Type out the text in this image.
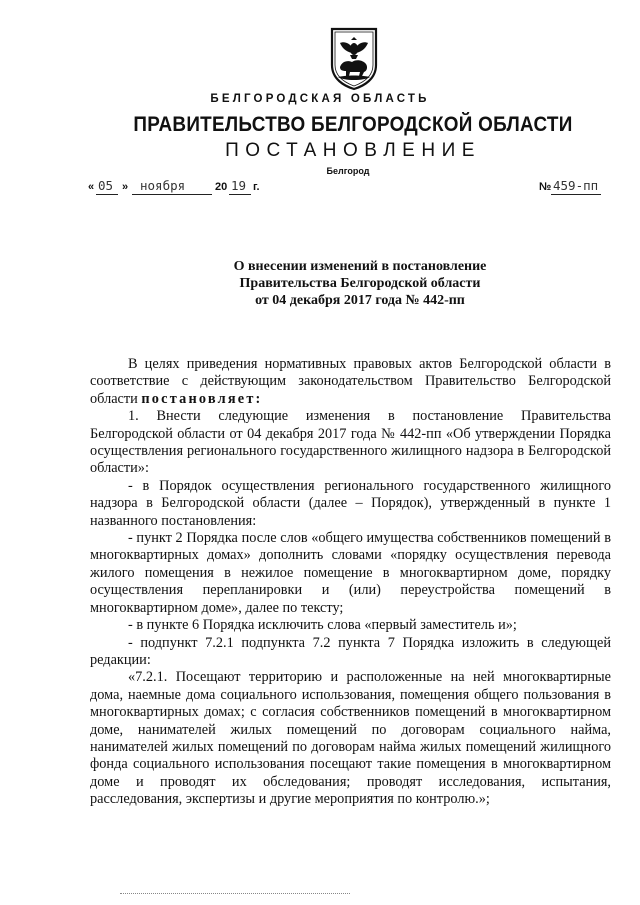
БЕЛГОРОДСКАЯ ОБЛАСТЬ
ПРАВИТЕЛЬСТВО БЕЛГОРОДСКОЙ ОБЛАСТИ
ПОСТАНОВЛЕНИЕ
Белгород
« 05 » ноября	20 19 г.	№ 459-пп
О внесении изменений в постановление
Правительства Белгородской области
от 04 декабря 2017 года № 442-пп

В целях приведения нормативных правовых актов Белгородской области в соответствие с действующим законодательством Правительство Белгородской области постановляет:

1. Внести следующие изменения в постановление Правительства Белгородской области от 04 декабря 2017 года № 442-пп «Об утверждении Порядка осуществления регионального государственного жилищного надзора в Белгородской области»:

- в Порядок осуществления регионального государственного жилищного надзора в Белгородской области (далее – Порядок), утвержденный в пункте 1 названного постановления:

- пункт 2 Порядка после слов «общего имущества собственников помещений в многоквартирных домах» дополнить словами «порядку осуществления перевода жилого помещения в нежилое помещение в многоквартирном доме, порядку осуществления перепланировки и (или) переустройства помещений в многоквартирном доме», далее по тексту;

- в пункте 6 Порядка исключить слова «первый заместитель и»;

- подпункт 7.2.1 подпункта 7.2 пункта 7 Порядка изложить в следующей редакции:

«7.2.1. Посещают территорию и расположенные на ней многоквартирные дома, наемные дома социального использования, помещения общего пользования в многоквартирных домах; с согласия собственников помещений в многоквартирном доме, нанимателей жилых помещений по договорам социального найма, нанимателей жилых помещений по договорам найма жилых помещений жилищного фонда социального использования посещают такие помещения в многоквартирном доме и проводят их обследования; проводят исследования, испытания, расследования, экспертизы и другие мероприятия по контролю.»;
